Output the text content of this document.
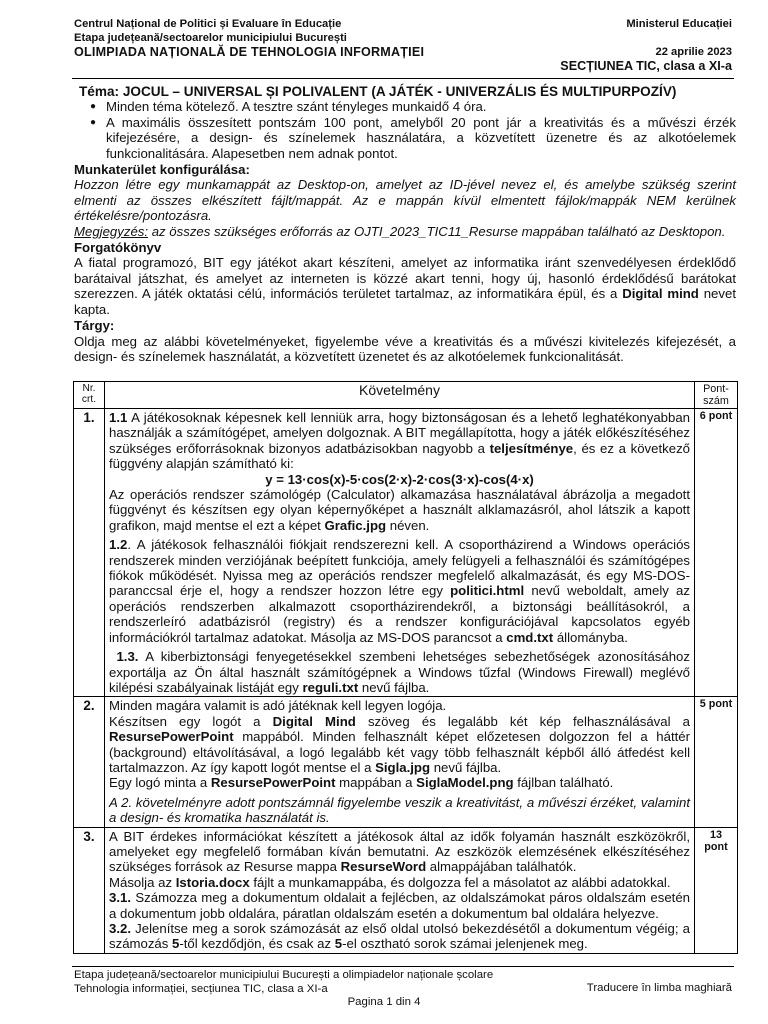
Centrul Național de Politici și Evaluare în Educație
Etapa județeană/sectoarelor municipiului București
OLIMPIADA NAȚIONALĂ DE TEHNOLOGIA INFORMAȚIEI
Ministerul Educației
22 aprilie 2023
SECȚIUNEA TIC, clasa a XI-a
Téma: JOCUL – UNIVERSAL ȘI POLIVALENT (A JÁTÉK - UNIVERZÁLIS ÉS MULTIPURPOZÍV)
● Minden téma kötelező. A tesztre szánt tényleges munkaidő 4 óra.
● A maximális összesített pontszám 100 pont, amelyből 20 pont jár a kreativitás és a művészi érzék kifejezésére, a design- és színelemek használatára, a közvetített üzenetre és az alkotóelemek funkcionalitására. Alapesetben nem adnak pontot.
Munkaterület konfigurálása:
Hozzon létre egy munkamappát az Desktop-on, amelyet az ID-jével nevez el, és amelybe szükség szerint elmenti az összes elkészített fájlt/mappát. Az e mappán kívül elmentett fájlok/mappák NEM kerülnek értékelésre/pontozásra.
Megjegyzés: az összes szükséges erőforrás az OJTI_2023_TIC11_Resurse mappában található az Desktopon.
Forgatókönyv
A fiatal programozó, BIT egy játékot akart készíteni, amelyet az informatika iránt szenvedélyesen érdeklődő barátaival játszhat, és amelyet az interneten is közzé akart tenni, hogy új, hasonló érdeklődésű barátokat szerezzen. A játék oktatási célú, információs területet tartalmaz, az informatikára épül, és a Digital mind nevet kapta.
Tárgy:
Oldja meg az alábbi követelményeket, figyelembe véve a kreativitás és a művészi kivitelezés kifejezését, a design- és színelemek használatát, a közvetített üzenetet és az alkotóelemek funkcionalitását.
Nr. crt.	Követelmény	Pont-szám
1.	1.1 A játékosoknak képesnek kell lenniük arra, hogy biztonságosan és a lehető leghatékonyabban használják a számítógépet, amelyen dolgoznak. A BIT megállapította, hogy a játék előkészítéséhez szükséges erőforrásoknak bizonyos adatbázisokban nagyobb a teljesítménye, és ez a következő függvény alapján számítható ki:

y = 13·cos(x)-5·cos(2·x)-2·cos(3·x)-cos(4·x)

Az operációs rendszer számológép (Calculator) alkamazása használatával ábrázolja a megadott függvényt és készítsen egy olyan képernyőképet a használt alklamazásról, ahol látszik a kapott grafikon, majd mentse el ezt a képet Grafic.jpg néven.

1.2. A játékosok felhasználói fiókjait rendszerezni kell. A csoportházirend a Windows operációs rendszerek minden verziójának beépített funkciója, amely felügyeli a felhasználói és számítógépes fiókok működését. Nyissa meg az operációs rendszer megfelelő alkalmazását, és egy MS-DOS-paranccsal érje el, hogy a rendszer hozzon létre egy politici.html nevű weboldalt, amely az operációs rendszerben alkalmazott csoportházirendekről, a biztonsági beállításokról, a rendszerleíró adatbázisról (registry) és a rendszer konfigurációjával kapcsolatos egyéb információkról tartalmaz adatokat. Másolja az MS-DOS parancsot a cmd.txt állományba.

1.3. A kiberbiztonsági fenyegetésekkel szembeni lehetséges sebezhetőségek azonosításához exportálja az Ön által használt számítógépnek a Windows tűzfal (Windows Firewall) meglévő kilépési szabályainak listáját egy reguli.txt nevű fájlba.	6 pont
2.	Minden magára valamit is adó játéknak kell legyen logója.

Készítsen egy logót a Digital Mind szöveg és legalább két kép felhasználásával a ResursePowerPoint mappából. Minden felhasznált képet előzetesen dolgozzon fel a háttér (background) eltávolításával, a logó legalább két vagy több felhasznált képből álló átfedést kell tartalmazzon. Az így kapott logót mentse el a Sigla.jpg nevű fájlba.

Egy logó minta a ResursePowerPoint mappában a SiglaModel.png fájlban található.

A 2. követelményre adott pontszámnál figyelembe veszik a kreativitást, a művészi érzéket, valamint a design- és kromatika használatát is.	5 pont
3.	A BIT érdekes információkat készített a játékosok által az idők folyamán használt eszközökről, amelyeket egy megfelelő formában kíván bemutatni. Az eszközök elemzésének elkészítéséhez szükséges források az Resurse mappa ResurseWord almappájában találhatók.

Másolja az Istoria.docx fájlt a munkamappába, és dolgozza fel a másolatot az alábbi adatokkal.

3.1. Számozza meg a dokumentum oldalait a fejlécben, az oldalszámokat páros oldalszám esetén a dokumentum jobb oldalára, páratlan oldalszám esetén a dokumentum bal oldalára helyezve.

3.2. Jelenítse meg a sorok számozását az első oldal utolsó bekezdésétől a dokumentum végéig; a számozás 5-től kezdődjön, és csak az 5-el osztható sorok számai jelenjenek meg.	13 pont
Etapa județeană/sectoarelor municipiului București a olimpiadelor naționale școlare
Tehnologia informației, secțiunea TIC, clasa a XI-a	Traducere în limba maghiară
Pagina 1 din 4
